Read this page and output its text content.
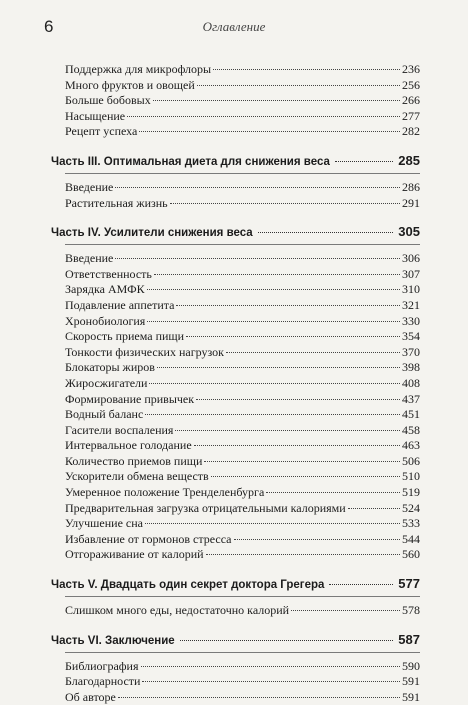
6	Оглавление
Поддержка для микрофлоры	236
Много фруктов и овощей	256
Больше бобовых	266
Насыщение	277
Рецепт успеха	282
Часть III. Оптимальная диета для снижения веса	285
Введение	286
Растительная жизнь	291
Часть IV. Усилители снижения веса	305
Введение	306
Ответственность	307
Зарядка АМФК	310
Подавление аппетита	321
Хронобиология	330
Скорость приема пищи	354
Тонкости физических нагрузок	370
Блокаторы жиров	398
Жиросжигатели	408
Формирование привычек	437
Водный баланс	451
Гасители воспаления	458
Интервальное голодание	463
Количество приемов пищи	506
Ускорители обмена веществ	510
Умеренное положение Тренделенбурга	519
Предварительная загрузка отрицательными калориями	524
Улучшение сна	533
Избавление от гормонов стресса	544
Отгораживание от калорий	560
Часть V. Двадцать один секрет доктора Грегера	577
Слишком много еды, недостаточно калорий	578
Часть VI. Заключение	587
Библиография	590
Благодарности	591
Об авторе	591
